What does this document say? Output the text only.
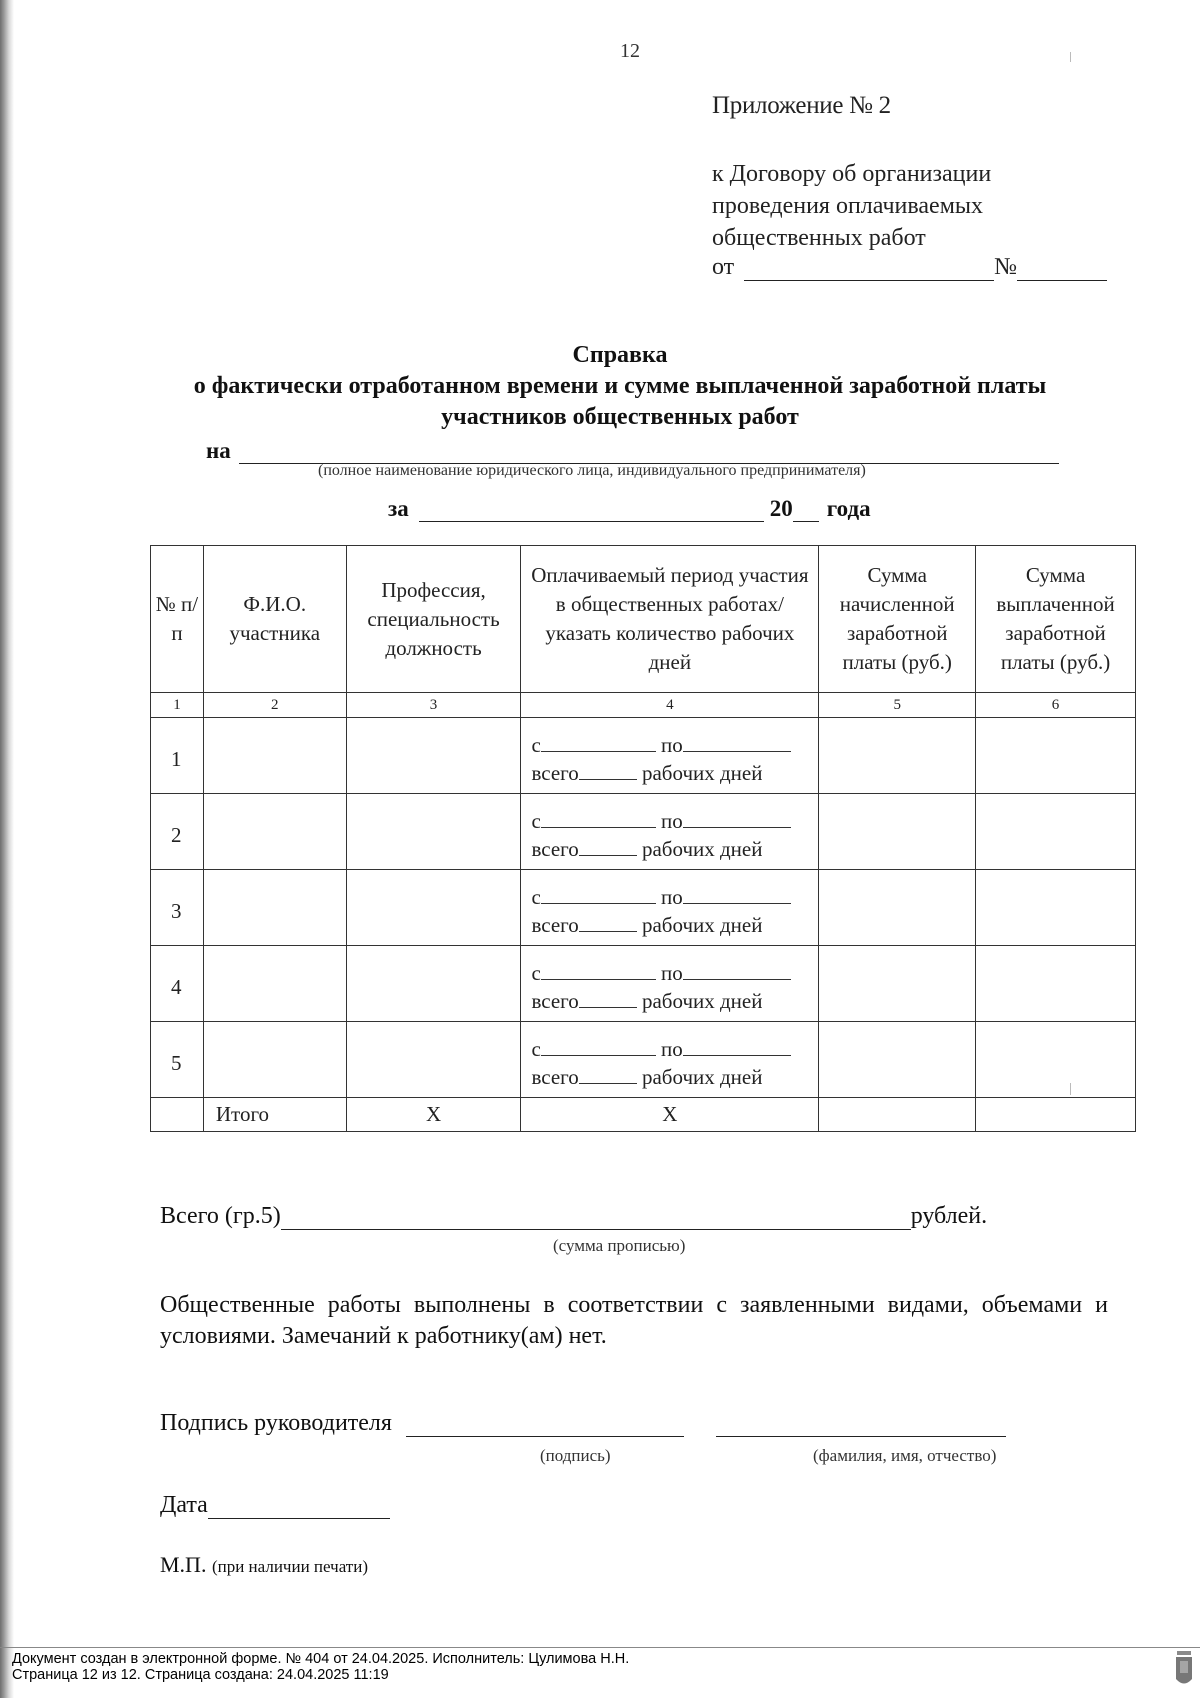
12
Приложение № 2
к Договору об организации
проведения оплачиваемых
общественных работ
от	№
Справка
о фактически отработанном времени и сумме выплаченной заработной платы
участников общественных работ
на
(полное наименование юридического лица, индивидуального предпринимателя)
за	20 года
№ п/п	Ф.И.О. участника	Профессия, специальность должность	Оплачиваемый период участия в общественных работах/ указать количество рабочих дней	Сумма начисленной заработной платы (руб.)	Сумма выплаченной заработной платы (руб.)
1	2	3	4	5	6
1			с по
всего рабочих дней		

2			с по
всего рабочих дней		

3			с по
всего рабочих дней		

4			с по
всего рабочих дней		

5			с по
всего рабочих дней		

	Итого	Х	Х		
Всего (гр.5)	рублей.
(сумма прописью)
Общественные работы выполнены в соответствии с заявленными видами, объемами и условиями. Замечаний к работнику(ам) нет.
Подпись руководителя
(подпись)	(фамилия, имя, отчество)
Дата
М.П. (при наличии печати)
Документ создан в электронной форме. № 404 от 24.04.2025. Исполнитель: Цулимова Н.Н.
Страница 12 из 12. Страница создана: 24.04.2025 11:19
